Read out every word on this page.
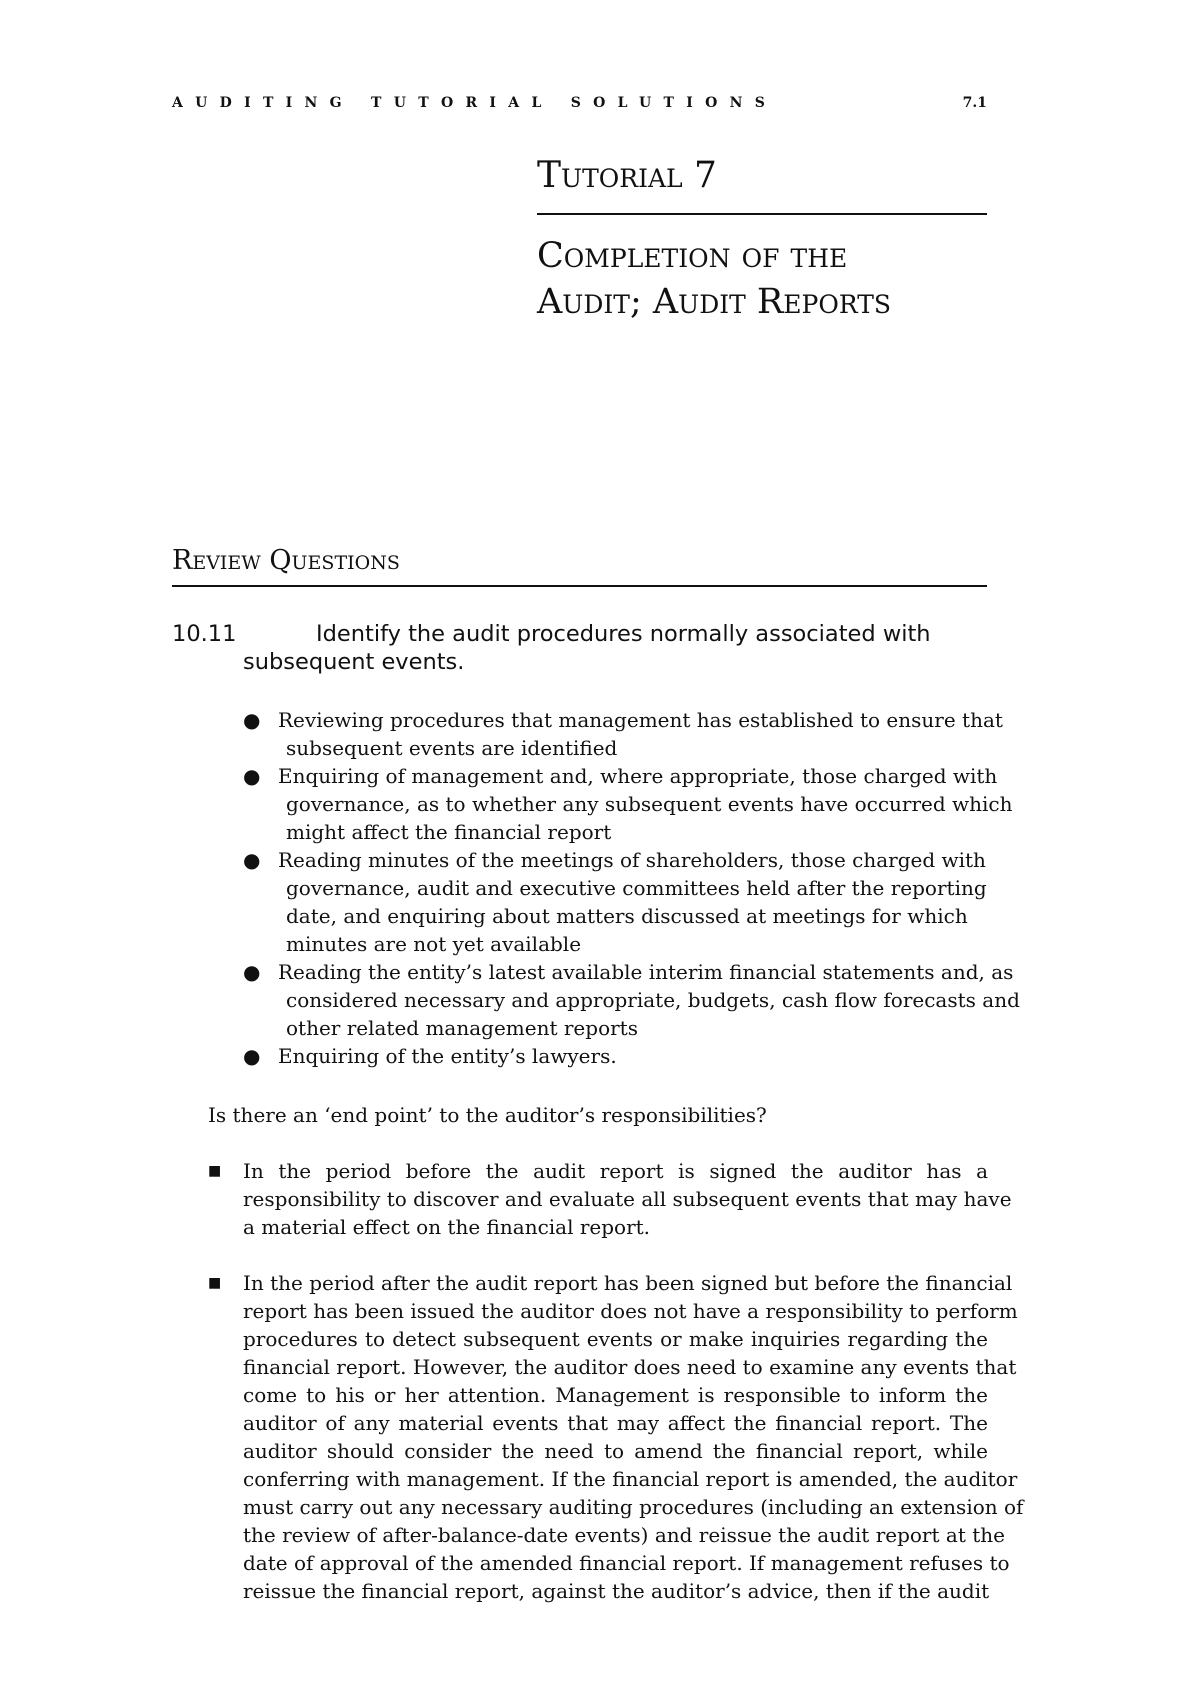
AUDITING TUTORIAL SOLUTIONS	7.1
Tutorial 7
Completion of the
Audit; Audit Reports
Review Questions
10.11	Identify the audit procedures normally associated with
subsequent events.
● Reviewing procedures that management has established to ensure that
subsequent events are identified
● Enquiring of management and, where appropriate, those charged with
governance, as to whether any subsequent events have occurred which
might affect the financial report
● Reading minutes of the meetings of shareholders, those charged with
governance, audit and executive committees held after the reporting
date, and enquiring about matters discussed at meetings for which
minutes are not yet available
● Reading the entity’s latest available interim financial statements and, as
considered necessary and appropriate, budgets, cash flow forecasts and
other related management reports
● Enquiring of the entity’s lawyers.
Is there an ‘end point’ to the auditor’s responsibilities?
■ In the period before the audit report is signed the auditor has a
responsibility to discover and evaluate all subsequent events that may have
a material effect on the financial report.
■ In the period after the audit report has been signed but before the financial
report has been issued the auditor does not have a responsibility to perform
procedures to detect subsequent events or make inquiries regarding the
financial report. However, the auditor does need to examine any events that
come to his or her attention. Management is responsible to inform the
auditor of any material events that may affect the financial report. The
auditor should consider the need to amend the financial report, while
conferring with management. If the financial report is amended, the auditor
must carry out any necessary auditing procedures (including an extension of
the review of after-balance-date events) and reissue the audit report at the
date of approval of the amended financial report. If management refuses to
reissue the financial report, against the auditor’s advice, then if the audit
